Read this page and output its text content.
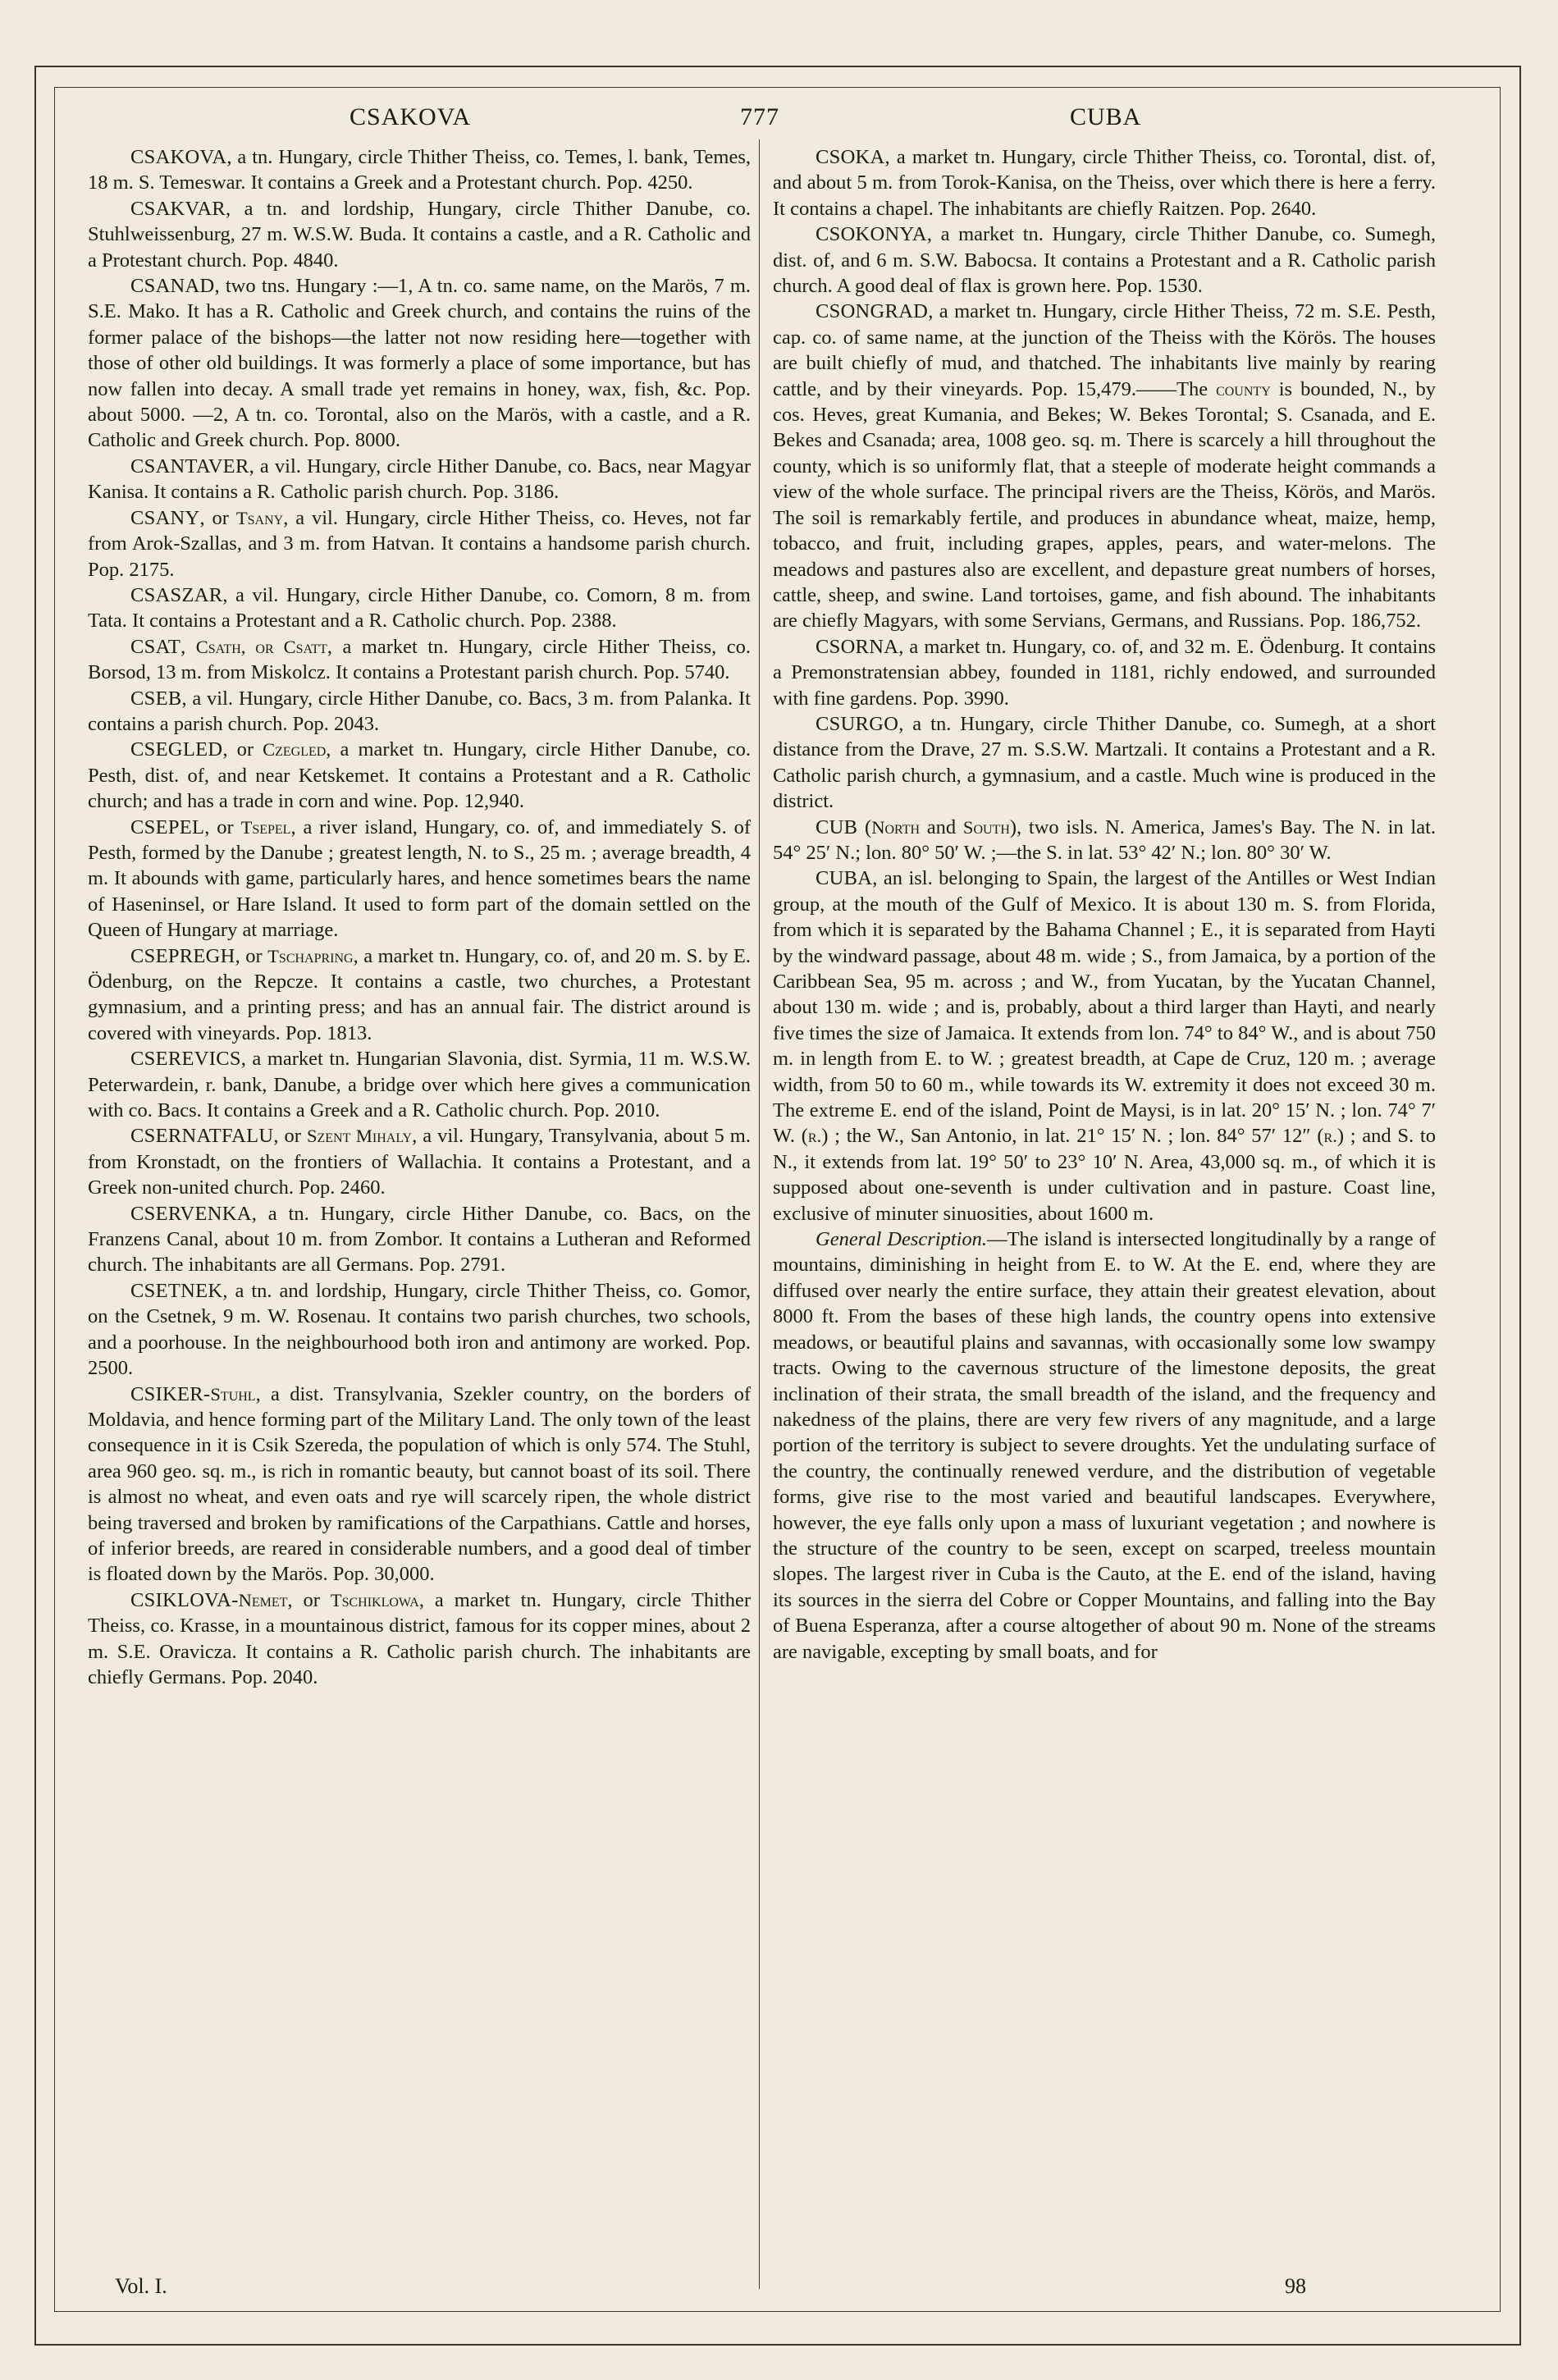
CSAKOVA	777	CUBA

CSAKOVA, a tn. Hungary, circle Thither Theiss, co. Temes, l. bank, Temes, 18 m. S. Temeswar. It contains a Greek and a Protestant church. Pop. 4250.

CSAKVAR, a tn. and lordship, Hungary, circle Thither Danube, co. Stuhlweissenburg, 27 m. W.S.W. Buda. It contains a castle, and a R. Catholic and a Protestant church. Pop. 4840.

CSANAD, two tns. Hungary :—1, A tn. co. same name, on the Marös, 7 m. S.E. Mako. It has a R. Catholic and Greek church, and contains the ruins of the former palace of the bishops—the latter not now residing here—together with those of other old buildings. It was formerly a place of some importance, but has now fallen into decay. A small trade yet remains in honey, wax, fish, &c. Pop. about 5000. —2, A tn. co. Torontal, also on the Marös, with a castle, and a R. Catholic and Greek church. Pop. 8000.

CSANTAVER, a vil. Hungary, circle Hither Danube, co. Bacs, near Magyar Kanisa. It contains a R. Catholic parish church. Pop. 3186.

CSANY, or Tsany, a vil. Hungary, circle Hither Theiss, co. Heves, not far from Arok-Szallas, and 3 m. from Hatvan. It contains a handsome parish church. Pop. 2175.

CSASZAR, a vil. Hungary, circle Hither Danube, co. Comorn, 8 m. from Tata. It contains a Protestant and a R. Catholic church. Pop. 2388.

CSAT, Csath, or Csatt, a market tn. Hungary, circle Hither Theiss, co. Borsod, 13 m. from Miskolcz. It contains a Protestant parish church. Pop. 5740.

CSEB, a vil. Hungary, circle Hither Danube, co. Bacs, 3 m. from Palanka. It contains a parish church. Pop. 2043.

CSEGLED, or Czegled, a market tn. Hungary, circle Hither Danube, co. Pesth, dist. of, and near Ketskemet. It contains a Protestant and a R. Catholic church; and has a trade in corn and wine. Pop. 12,940.

CSEPEL, or Tsepel, a river island, Hungary, co. of, and immediately S. of Pesth, formed by the Danube ; greatest length, N. to S., 25 m. ; average breadth, 4 m. It abounds with game, particularly hares, and hence sometimes bears the name of Haseninsel, or Hare Island. It used to form part of the domain settled on the Queen of Hungary at marriage.

CSEPREGH, or Tschapring, a market tn. Hungary, co. of, and 20 m. S. by E. Ödenburg, on the Repcze. It contains a castle, two churches, a Protestant gymnasium, and a printing press; and has an annual fair. The district around is covered with vineyards. Pop. 1813.

CSEREVICS, a market tn. Hungarian Slavonia, dist. Syrmia, 11 m. W.S.W. Peterwardein, r. bank, Danube, a bridge over which here gives a communication with co. Bacs. It contains a Greek and a R. Catholic church. Pop. 2010.

CSERNATFALU, or Szent Mihaly, a vil. Hungary, Transylvania, about 5 m. from Kronstadt, on the frontiers of Wallachia. It contains a Protestant, and a Greek non-united church. Pop. 2460.

CSERVENKA, a tn. Hungary, circle Hither Danube, co. Bacs, on the Franzens Canal, about 10 m. from Zombor. It contains a Lutheran and Reformed church. The inhabitants are all Germans. Pop. 2791.

CSETNEK, a tn. and lordship, Hungary, circle Thither Theiss, co. Gomor, on the Csetnek, 9 m. W. Rosenau. It contains two parish churches, two schools, and a poorhouse. In the neighbourhood both iron and antimony are worked. Pop. 2500.

CSIKER-Stuhl, a dist. Transylvania, Szekler country, on the borders of Moldavia, and hence forming part of the Military Land. The only town of the least consequence in it is Csik Szereda, the population of which is only 574. The Stuhl, area 960 geo. sq. m., is rich in romantic beauty, but cannot boast of its soil. There is almost no wheat, and even oats and rye will scarcely ripen, the whole district being traversed and broken by ramifications of the Carpathians. Cattle and horses, of inferior breeds, are reared in considerable numbers, and a good deal of timber is floated down by the Marös. Pop. 30,000.

CSIKLOVA-Nemet, or Tschiklowa, a market tn. Hungary, circle Thither Theiss, co. Krasse, in a mountainous district, famous for its copper mines, about 2 m. S.E. Oravicza. It contains a R. Catholic parish church. The inhabitants are chiefly Germans. Pop. 2040.

CSOKA, a market tn. Hungary, circle Thither Theiss, co. Torontal, dist. of, and about 5 m. from Torok-Kanisa, on the Theiss, over which there is here a ferry. It contains a chapel. The inhabitants are chiefly Raitzen. Pop. 2640.

CSOKONYA, a market tn. Hungary, circle Thither Danube, co. Sumegh, dist. of, and 6 m. S.W. Babocsa. It contains a Protestant and a R. Catholic parish church. A good deal of flax is grown here. Pop. 1530.

CSONGRAD, a market tn. Hungary, circle Hither Theiss, 72 m. S.E. Pesth, cap. co. of same name, at the junction of the Theiss with the Körös. The houses are built chiefly of mud, and thatched. The inhabitants live mainly by rearing cattle, and by their vineyards. Pop. 15,479.——The county is bounded, N., by cos. Heves, great Kumania, and Bekes; W. Bekes Torontal; S. Csanada, and E. Bekes and Csanada; area, 1008 geo. sq. m. There is scarcely a hill throughout the county, which is so uniformly flat, that a steeple of moderate height commands a view of the whole surface. The principal rivers are the Theiss, Körös, and Marös. The soil is remarkably fertile, and produces in abundance wheat, maize, hemp, tobacco, and fruit, including grapes, apples, pears, and water-melons. The meadows and pastures also are excellent, and depasture great numbers of horses, cattle, sheep, and swine. Land tortoises, game, and fish abound. The inhabitants are chiefly Magyars, with some Servians, Germans, and Russians. Pop. 186,752.

CSORNA, a market tn. Hungary, co. of, and 32 m. E. Ödenburg. It contains a Premonstratensian abbey, founded in 1181, richly endowed, and surrounded with fine gardens. Pop. 3990.

CSURGO, a tn. Hungary, circle Thither Danube, co. Sumegh, at a short distance from the Drave, 27 m. S.S.W. Martzali. It contains a Protestant and a R. Catholic parish church, a gymnasium, and a castle. Much wine is produced in the district.

CUB (North and South), two isls. N. America, James's Bay. The N. in lat. 54° 25′ N.; lon. 80° 50′ W. ;—the S. in lat. 53° 42′ N.; lon. 80° 30′ W.

CUBA, an isl. belonging to Spain, the largest of the Antilles or West Indian group, at the mouth of the Gulf of Mexico. It is about 130 m. S. from Florida, from which it is separated by the Bahama Channel ; E., it is separated from Hayti by the windward passage, about 48 m. wide ; S., from Jamaica, by a portion of the Caribbean Sea, 95 m. across ; and W., from Yucatan, by the Yucatan Channel, about 130 m. wide ; and is, probably, about a third larger than Hayti, and nearly five times the size of Jamaica. It extends from lon. 74° to 84° W., and is about 750 m. in length from E. to W. ; greatest breadth, at Cape de Cruz, 120 m. ; average width, from 50 to 60 m., while towards its W. extremity it does not exceed 30 m. The extreme E. end of the island, Point de Maysi, is in lat. 20° 15′ N. ; lon. 74° 7′ W. (r.) ; the W., San Antonio, in lat. 21° 15′ N. ; lon. 84° 57′ 12″ (r.) ; and S. to N., it extends from lat. 19° 50′ to 23° 10′ N. Area, 43,000 sq. m., of which it is supposed about one-seventh is under cultivation and in pasture. Coast line, exclusive of minuter sinuosities, about 1600 m.

General Description.—The island is intersected longitudinally by a range of mountains, diminishing in height from E. to W. At the E. end, where they are diffused over nearly the entire surface, they attain their greatest elevation, about 8000 ft. From the bases of these high lands, the country opens into extensive meadows, or beautiful plains and savannas, with occasionally some low swampy tracts. Owing to the cavernous structure of the limestone deposits, the great inclination of their strata, the small breadth of the island, and the frequency and nakedness of the plains, there are very few rivers of any magnitude, and a large portion of the territory is subject to severe droughts. Yet the undulating surface of the country, the continually renewed verdure, and the distribution of vegetable forms, give rise to the most varied and beautiful landscapes. Everywhere, however, the eye falls only upon a mass of luxuriant vegetation ; and nowhere is the structure of the country to be seen, except on scarped, treeless mountain slopes. The largest river in Cuba is the Cauto, at the E. end of the island, having its sources in the sierra del Cobre or Copper Mountains, and falling into the Bay of Buena Esperanza, after a course altogether of about 90 m. None of the streams are navigable, excepting by small boats, and for

Vol. I.	98
